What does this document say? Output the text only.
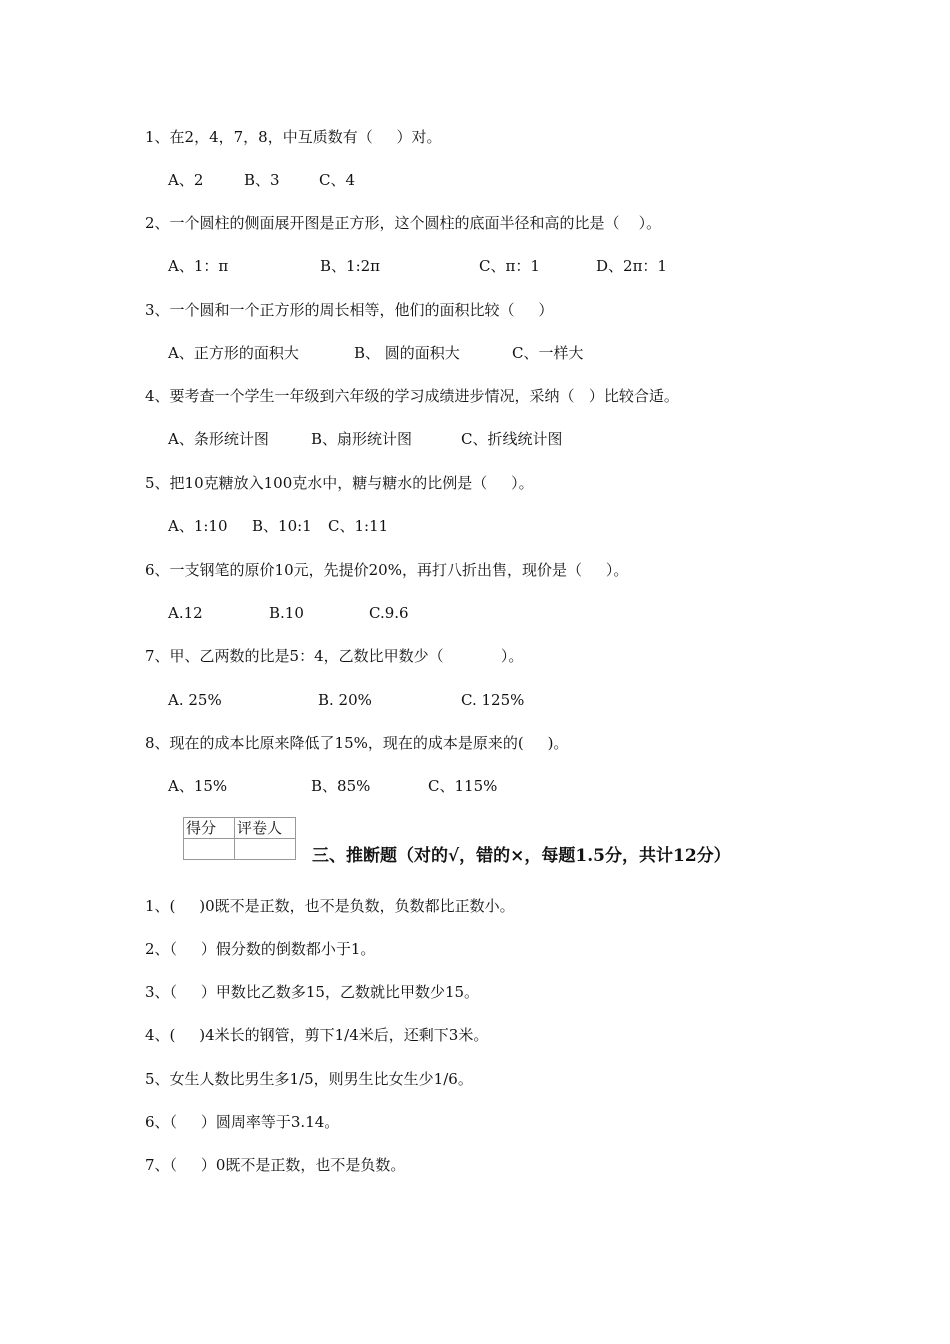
1、在2，4，7，8，中互质数有（     ）对。

A、2

	B、3

	C、4

2、一个圆柱的侧面展开图是正方形，这个圆柱的底面半径和高的比是（    ）。

A、1：π

	B、1:2π

	C、π：1

	D、2π：1

3、一个圆和一个正方形的周长相等，他们的面积比较（     ）

A、正方形的面积大

	B、 圆的面积大

	C、一样大

4、要考查一个学生一年级到六年级的学习成绩进步情况，采纳（   ）比较合适。

A、条形统计图

	B、扇形统计图

	C、折线统计图

5、把10克糖放入100克水中，糖与糖水的比例是（     ）。

A、1:10

B、10:1

C、1:11

6、一支钢笔的原价10元，先提价20%，再打八折出售，现价是（     ）。

A.12

	B.10

	C.9.6

7、甲、乙两数的比是5：4，乙数比甲数少（            ）。

A. 25%

	B. 20%

	C. 125%

8、现在的成本比原来降低了15%，现在的成本是原来的(     )。

A、15%

	B、85%

	C、115%

得分	评卷人

三、推断题（对的√，错的×，每题1.5分，共计12分）
1、(     )0既不是正数，也不是负数，负数都比正数小。
2、（     ）假分数的倒数都小于1。
3、（     ）甲数比乙数多15，乙数就比甲数少15。
4、(     )4米长的钢管，剪下1/4米后，还剩下3米。
5、女生人数比男生多1/5，则男生比女生少1/6。
6、（     ）圆周率等于3.14。
7、（     ）0既不是正数，也不是负数。
